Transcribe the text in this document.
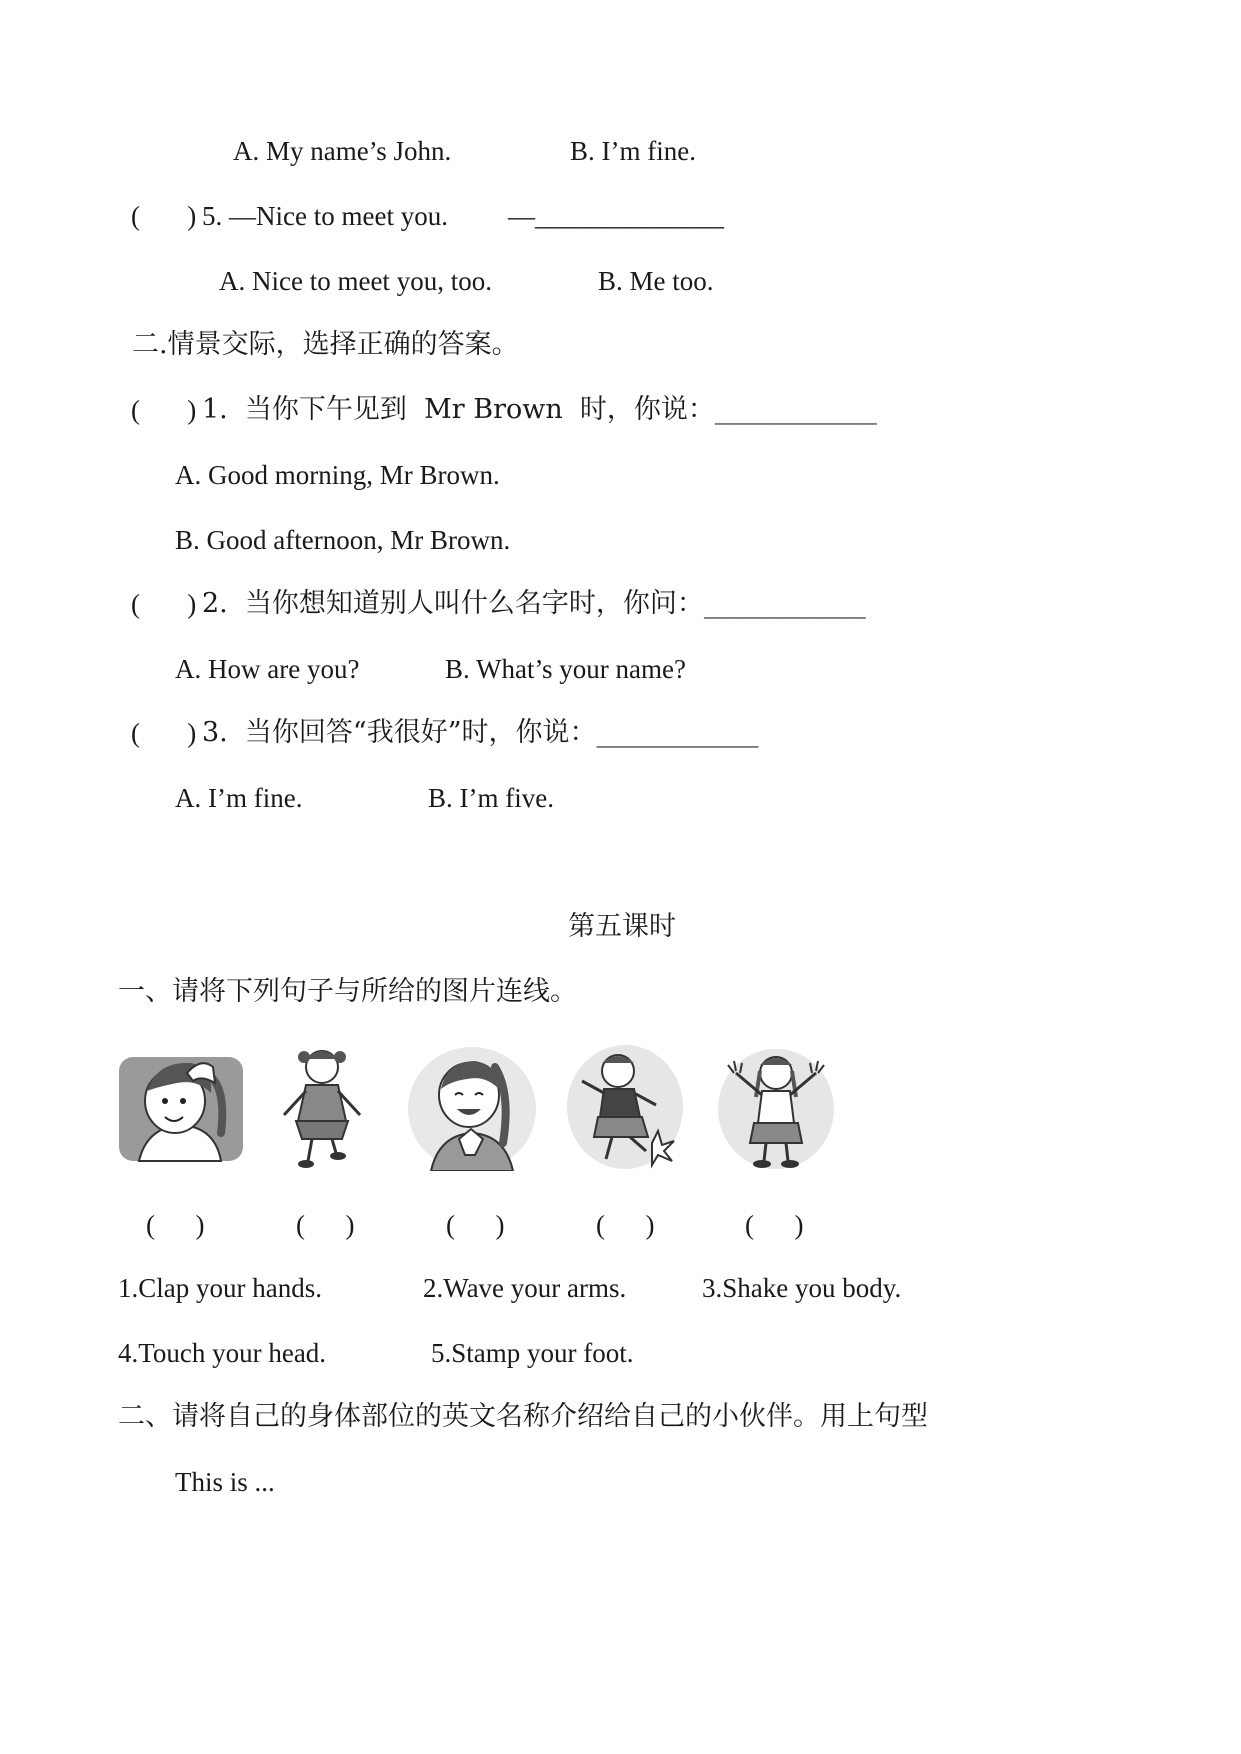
A. My name’s John.	B. I’m fine.
(       ) 5. —Nice to meet you. —______________
A. Nice to meet you, too.	B. Me too.
二.情景交际，选择正确的答案。
(       ) 1.  当你下午见到  Mr Brown  时，你说：____________
A. Good morning, Mr Brown.
B. Good afternoon, Mr Brown.
(       ) 2.  当你想知道别人叫什么名字时，你问：____________
A. How are you?	B. What’s your name?
(       ) 3.  当你回答“我很好”时，你说：____________
A. I’m fine.	B. I’m five.
第五课时
一、请将下列句子与所给的图片连线。
(      )	(      )	(      )	(      )	(      )
1.Clap your hands.	2.Wave your arms.	3.Shake you body.
4.Touch your head.	5.Stamp your foot.
二、请将自己的身体部位的英文名称介绍给自己的小伙伴。用上句型
This is ...
